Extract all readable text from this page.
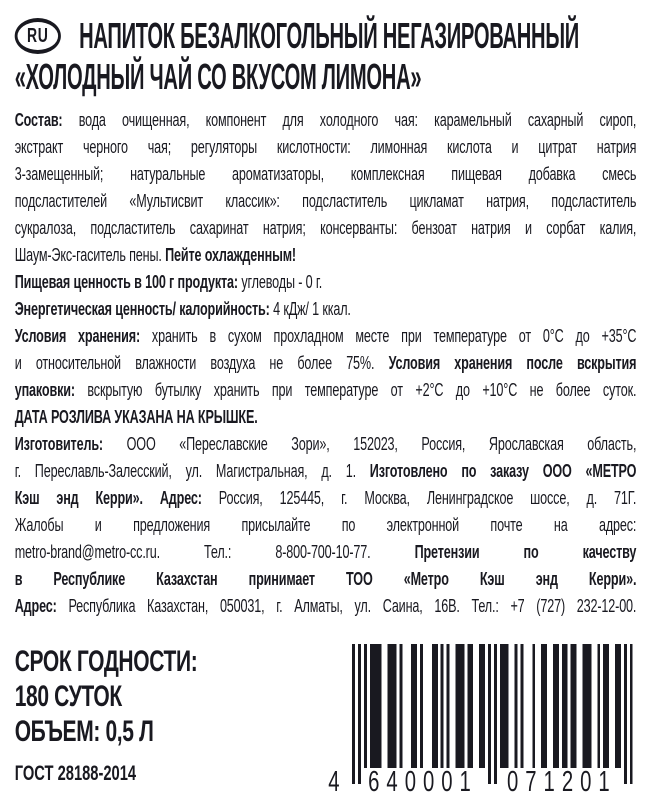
RU НАПИТОК БЕЗАЛКОГОЛЬНЫЙ НЕГАЗИРОВАННЫЙ
«ХОЛОДНЫЙ ЧАЙ СО ВКУСОМ ЛИМОНА»
Состав: вода очищенная, компонент для холодного чая: карамельный сахарный сироп,
экстракт черного чая; регуляторы кислотности: лимонная кислота и цитрат натрия
3-замещенный; натуральные ароматизаторы, комплексная пищевая добавка смесь
подсластителей «Мультисвит классик»: подсластитель цикламат натрия, подсластитель
сукралоза, подсластитель сахаринат натрия; консерванты: бензоат натрия и сорбат калия,
Шаум-Экс-гаситель пены. Пейте охлажденным!
Пищевая ценность в 100 г продукта: углеводы - 0 г.
Энергетическая ценность/ калорийность: 4 кДж/ 1 ккал.
Условия хранения: хранить в сухом прохладном месте при температуре от 0°С до +35°С
и относительной влажности воздуха не более 75%. Условия хранения после вскрытия
упаковки: вскрытую бутылку хранить при температуре от +2°С до +10°С не более суток.
ДАТА РОЗЛИВА УКАЗАНА НА КРЫШКЕ.
Изготовитель: ООО «Переславские Зори», 152023, Россия, Ярославская область,
г. Переславль-Залесский, ул. Магистральная, д. 1. Изготовлено по заказу ООО «МЕТРО
Кэш энд Керри». Адрес: Россия, 125445, г. Москва, Ленинградское шоссе, д. 71Г.
Жалобы и предложения присылайте по электронной почте на адрес:
metro-brand@metro-cc.ru. Тел.: 8-800-700-10-77. Претензии по качеству
в Республике Казахстан принимает ТОО «Метро Кэш энд Керри».
Адрес: Республика Казахстан, 050031, г. Алматы, ул. Саина, 16В. Тел.: +7 (727) 232-12-00.
СРОК ГОДНОСТИ:
180 СУТОК
ОБЪЕМ: 0,5 Л
ГОСТ 28188-2014	4 640001 071201
